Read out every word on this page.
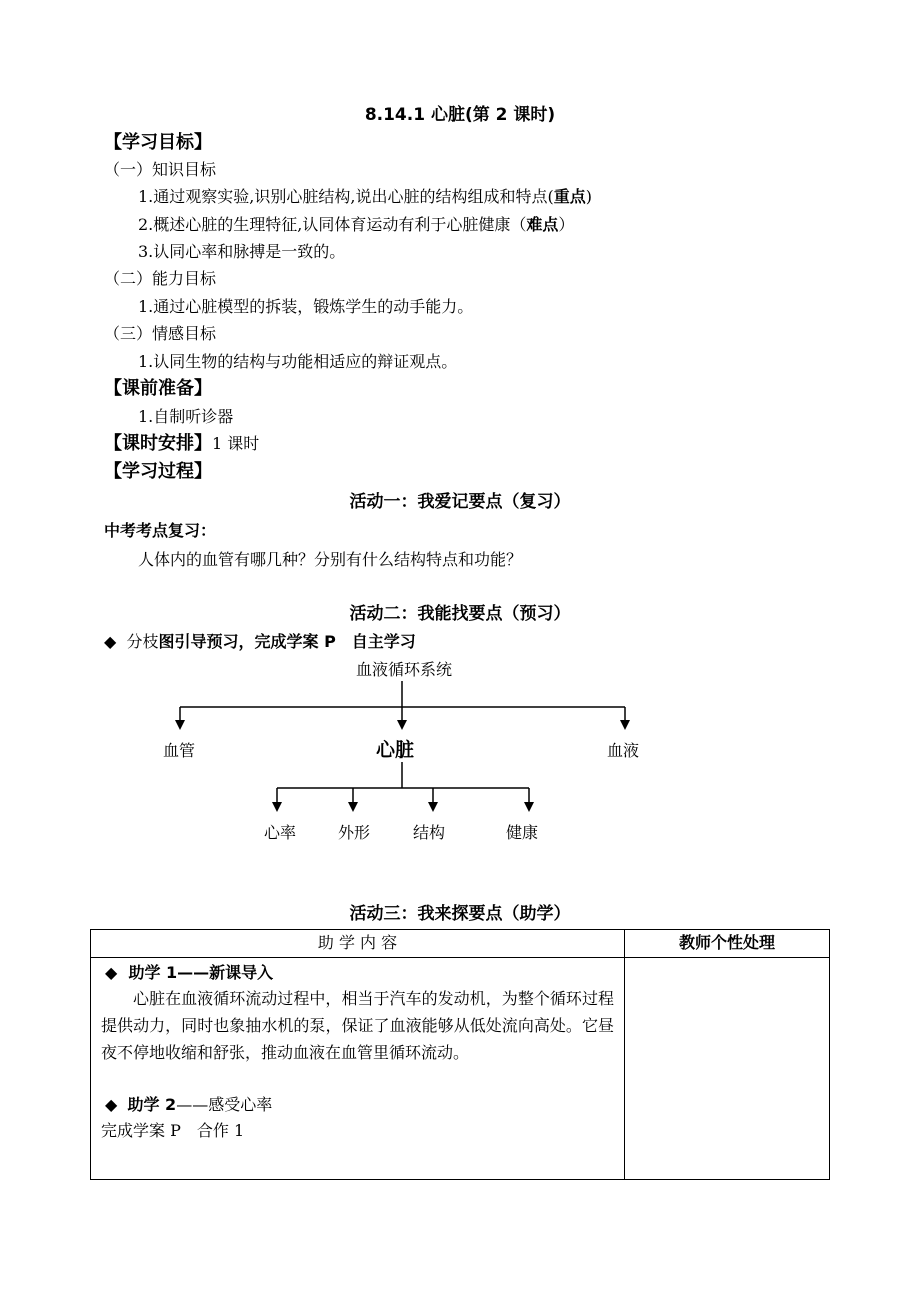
8.14.1 心脏(第 2 课时)
【学习目标】
（一）知识目标
1.通过观察实验,识别心脏结构,说出心脏的结构组成和特点(重点)
2.概述心脏的生理特征,认同体育运动有利于心脏健康（难点）
3.认同心率和脉搏是一致的。
（二）能力目标
1.通过心脏模型的拆装，锻炼学生的动手能力。
（三）情感目标
1.认同生物的结构与功能相适应的辩证观点。
【课前准备】
1.自制听诊器
【课时安排】1 课时
【学习过程】
活动一：我爱记要点（复习）
中考考点复习：
人体内的血管有哪几种？分别有什么结构特点和功能？
活动二：我能找要点（预习）
◆ 分枝图引导预习，完成学案 P　自主学习
血液循环系统
血管	心脏	血液
心率	外形	结构	健康
活动三：我来探要点（助学）
助 学 内 容	教师个性处理

◆ 助学 1——新课导入

心脏在血液循环流动过程中，相当于汽车的发动机，为整个循环过程提供动力，同时也象抽水机的泵，保证了血液能够从低处流向高处。它昼夜不停地收缩和舒张，推动血液在血管里循环流动。

◆ 助学 2——感受心率
完成学案 P　合作 1	
